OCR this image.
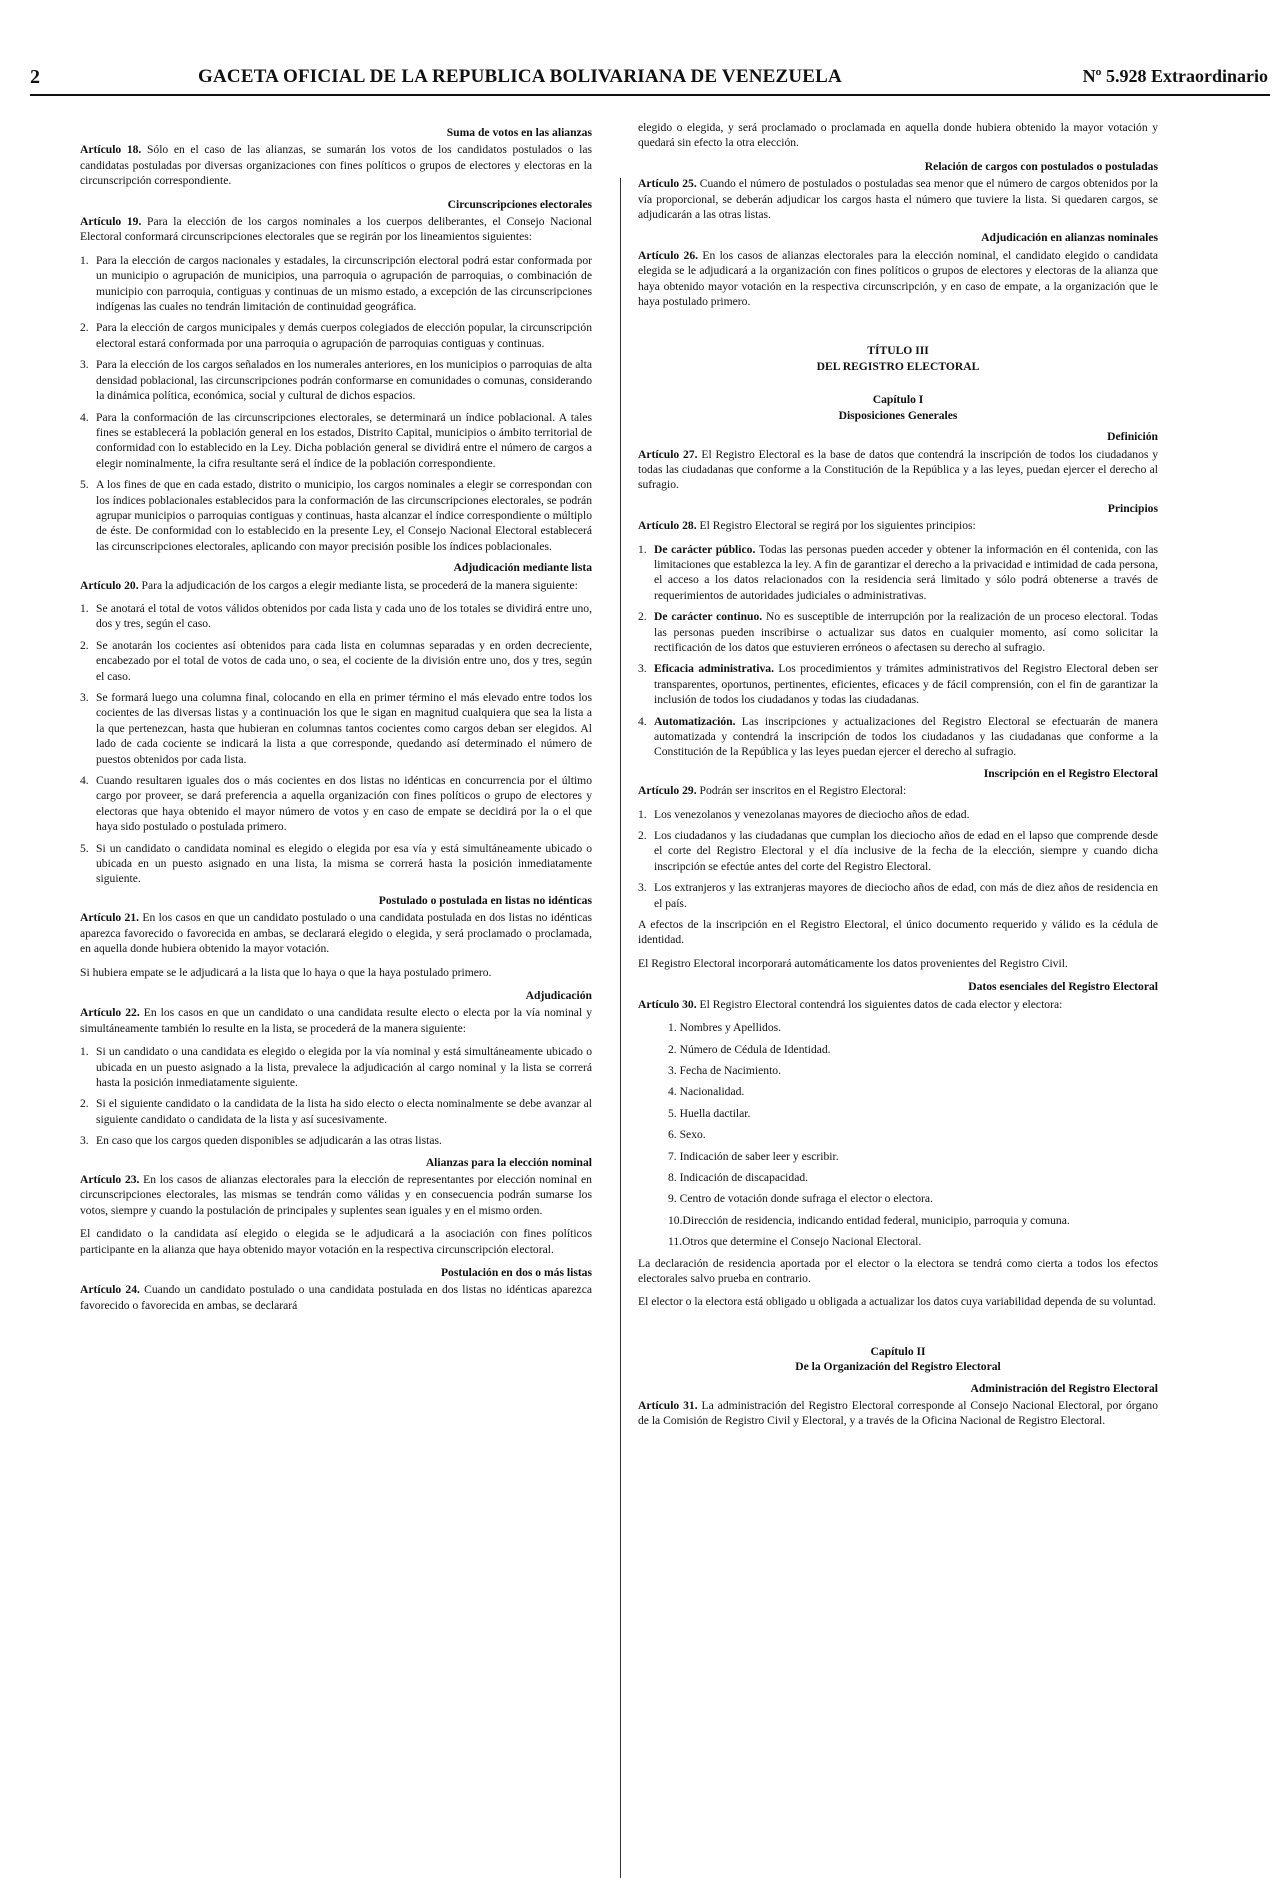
2	GACETA OFICIAL DE LA REPUBLICA BOLIVARIANA DE VENEZUELA	Nº 5.928 Extraordinario
Suma de votos en las alianzas

Artículo 18. Sólo en el caso de las alianzas, se sumarán los votos de los candidatos postulados o las candidatas postuladas por diversas organizaciones con fines políticos o grupos de electores y electoras en la circunscripción correspondiente.

Circunscripciones electorales

Artículo 19. Para la elección de los cargos nominales a los cuerpos deliberantes, el Consejo Nacional Electoral conformará circunscripciones electorales que se regirán por los lineamientos siguientes:

1. Para la elección de cargos nacionales y estadales, la circunscripción electoral podrá estar conformada por un municipio o agrupación de municipios, una parroquia o agrupación de parroquias, o combinación de municipio con parroquia, contiguas y continuas de un mismo estado, a excepción de las circunscripciones indígenas las cuales no tendrán limitación de continuidad geográfica.
2. Para la elección de cargos municipales y demás cuerpos colegiados de elección popular, la circunscripción electoral estará conformada por una parroquia o agrupación de parroquias contiguas y continuas.
3. Para la elección de los cargos señalados en los numerales anteriores, en los municipios o parroquias de alta densidad poblacional, las circunscripciones podrán conformarse en comunidades o comunas, considerando la dinámica política, económica, social y cultural de dichos espacios.
4. Para la conformación de las circunscripciones electorales, se determinará un índice poblacional. A tales fines se establecerá la población general en los estados, Distrito Capital, municipios o ámbito territorial de conformidad con lo establecido en la Ley. Dicha población general se dividirá entre el número de cargos a elegir nominalmente, la cifra resultante será el índice de la población correspondiente.
5. A los fines de que en cada estado, distrito o municipio, los cargos nominales a elegir se correspondan con los índices poblacionales establecidos para la conformación de las circunscripciones electorales, se podrán agrupar municipios o parroquias contiguas y continuas, hasta alcanzar el índice correspondiente o múltiplo de éste. De conformidad con lo establecido en la presente Ley, el Consejo Nacional Electoral establecerá las circunscripciones electorales, aplicando con mayor precisión posible los índices poblacionales.
Adjudicación mediante lista

Artículo 20. Para la adjudicación de los cargos a elegir mediante lista, se procederá de la manera siguiente:

1. Se anotará el total de votos válidos obtenidos por cada lista y cada uno de los totales se dividirá entre uno, dos y tres, según el caso.
2. Se anotarán los cocientes así obtenidos para cada lista en columnas separadas y en orden decreciente, encabezado por el total de votos de cada uno, o sea, el cociente de la división entre uno, dos y tres, según el caso.
3. Se formará luego una columna final, colocando en ella en primer término el más elevado entre todos los cocientes de las diversas listas y a continuación los que le sigan en magnitud cualquiera que sea la lista a la que pertenezcan, hasta que hubieran en columnas tantos cocientes como cargos deban ser elegidos. Al lado de cada cociente se indicará la lista a que corresponde, quedando así determinado el número de puestos obtenidos por cada lista.
4. Cuando resultaren iguales dos o más cocientes en dos listas no idénticas en concurrencia por el último cargo por proveer, se dará preferencia a aquella organización con fines políticos o grupo de electores y electoras que haya obtenido el mayor número de votos y en caso de empate se decidirá por la o el que haya sido postulado o postulada primero.
5. Si un candidato o candidata nominal es elegido o elegida por esa vía y está simultáneamente ubicado o ubicada en un puesto asignado en una lista, la misma se correrá hasta la posición inmediatamente siguiente.
Postulado o postulada en listas no idénticas

Artículo 21. En los casos en que un candidato postulado o una candidata postulada en dos listas no idénticas aparezca favorecido o favorecida en ambas, se declarará elegido o elegida, y será proclamado o proclamada, en aquella donde hubiera obtenido la mayor votación.

Si hubiera empate se le adjudicará a la lista que lo haya o que la haya postulado primero.

Adjudicación

Artículo 22. En los casos en que un candidato o una candidata resulte electo o electa por la vía nominal y simultáneamente también lo resulte en la lista, se procederá de la manera siguiente:

1. Si un candidato o una candidata es elegido o elegida por la vía nominal y está simultáneamente ubicado o ubicada en un puesto asignado a la lista, prevalece la adjudicación al cargo nominal y la lista se correrá hasta la posición inmediatamente siguiente.
2. Si el siguiente candidato o la candidata de la lista ha sido electo o electa nominalmente se debe avanzar al siguiente candidato o candidata de la lista y así sucesivamente.
3. En caso que los cargos queden disponibles se adjudicarán a las otras listas.
Alianzas para la elección nominal

Artículo 23. En los casos de alianzas electorales para la elección de representantes por elección nominal en circunscripciones electorales, las mismas se tendrán como válidas y en consecuencia podrán sumarse los votos, siempre y cuando la postulación de principales y suplentes sean iguales y en el mismo orden.

El candidato o la candidata así elegido o elegida se le adjudicará a la asociación con fines políticos participante en la alianza que haya obtenido mayor votación en la respectiva circunscripción electoral.

Postulación en dos o más listas

Artículo 24. Cuando un candidato postulado o una candidata postulada en dos listas no idénticas aparezca favorecido o favorecida en ambas, se declarará

elegido o elegida, y será proclamado o proclamada en aquella donde hubiera obtenido la mayor votación y quedará sin efecto la otra elección.

Relación de cargos con postulados o postuladas

Artículo 25. Cuando el número de postulados o postuladas sea menor que el número de cargos obtenidos por la vía proporcional, se deberán adjudicar los cargos hasta el número que tuviere la lista. Si quedaren cargos, se adjudicarán a las otras listas.

Adjudicación en alianzas nominales

Artículo 26. En los casos de alianzas electorales para la elección nominal, el candidato elegido o candidata elegida se le adjudicará a la organización con fines políticos o grupos de electores y electoras de la alianza que haya obtenido mayor votación en la respectiva circunscripción, y en caso de empate, a la organización que le haya postulado primero.

TÍTULO III
DEL REGISTRO ELECTORAL
Capítulo I
Disposiciones Generales
Definición

Artículo 27. El Registro Electoral es la base de datos que contendrá la inscripción de todos los ciudadanos y todas las ciudadanas que conforme a la Constitución de la República y a las leyes, puedan ejercer el derecho al sufragio.

Principios

Artículo 28. El Registro Electoral se regirá por los siguientes principios:

1. De carácter público. Todas las personas pueden acceder y obtener la información en él contenida, con las limitaciones que establezca la ley. A fin de garantizar el derecho a la privacidad e intimidad de cada persona, el acceso a los datos relacionados con la residencia será limitado y sólo podrá obtenerse a través de requerimientos de autoridades judiciales o administrativas.
2. De carácter continuo. No es susceptible de interrupción por la realización de un proceso electoral. Todas las personas pueden inscribirse o actualizar sus datos en cualquier momento, así como solicitar la rectificación de los datos que estuvieren erróneos o afectasen su derecho al sufragio.
3. Eficacia administrativa. Los procedimientos y trámites administrativos del Registro Electoral deben ser transparentes, oportunos, pertinentes, eficientes, eficaces y de fácil comprensión, con el fin de garantizar la inclusión de todos los ciudadanos y todas las ciudadanas.
4. Automatización. Las inscripciones y actualizaciones del Registro Electoral se efectuarán de manera automatizada y contendrá la inscripción de todos los ciudadanos y las ciudadanas que conforme a la Constitución de la República y las leyes puedan ejercer el derecho al sufragio.
Inscripción en el Registro Electoral

Artículo 29. Podrán ser inscritos en el Registro Electoral:

1. Los venezolanos y venezolanas mayores de dieciocho años de edad.
2. Los ciudadanos y las ciudadanas que cumplan los dieciocho años de edad en el lapso que comprende desde el corte del Registro Electoral y el día inclusive de la fecha de la elección, siempre y cuando dicha inscripción se efectúe antes del corte del Registro Electoral.
3. Los extranjeros y las extranjeras mayores de dieciocho años de edad, con más de diez años de residencia en el país.

A efectos de la inscripción en el Registro Electoral, el único documento requerido y válido es la cédula de identidad.

El Registro Electoral incorporará automáticamente los datos provenientes del Registro Civil.

Datos esenciales del Registro Electoral

Artículo 30. El Registro Electoral contendrá los siguientes datos de cada elector y electora:

1. Nombres y Apellidos.
2. Número de Cédula de Identidad.
3. Fecha de Nacimiento.
4. Nacionalidad.
5. Huella dactilar.
6. Sexo.
7. Indicación de saber leer y escribir.
8. Indicación de discapacidad.
9. Centro de votación donde sufraga el elector o electora.
10.Dirección de residencia, indicando entidad federal, municipio, parroquia y comuna.
11.Otros que determine el Consejo Nacional Electoral.

La declaración de residencia aportada por el elector o la electora se tendrá como cierta a todos los efectos electorales salvo prueba en contrario.

El elector o la electora está obligado u obligada a actualizar los datos cuya variabilidad dependa de su voluntad.

Capítulo II
De la Organización del Registro Electoral
Administración del Registro Electoral

Artículo 31. La administración del Registro Electoral corresponde al Consejo Nacional Electoral, por órgano de la Comisión de Registro Civil y Electoral, y a través de la Oficina Nacional de Registro Electoral.
